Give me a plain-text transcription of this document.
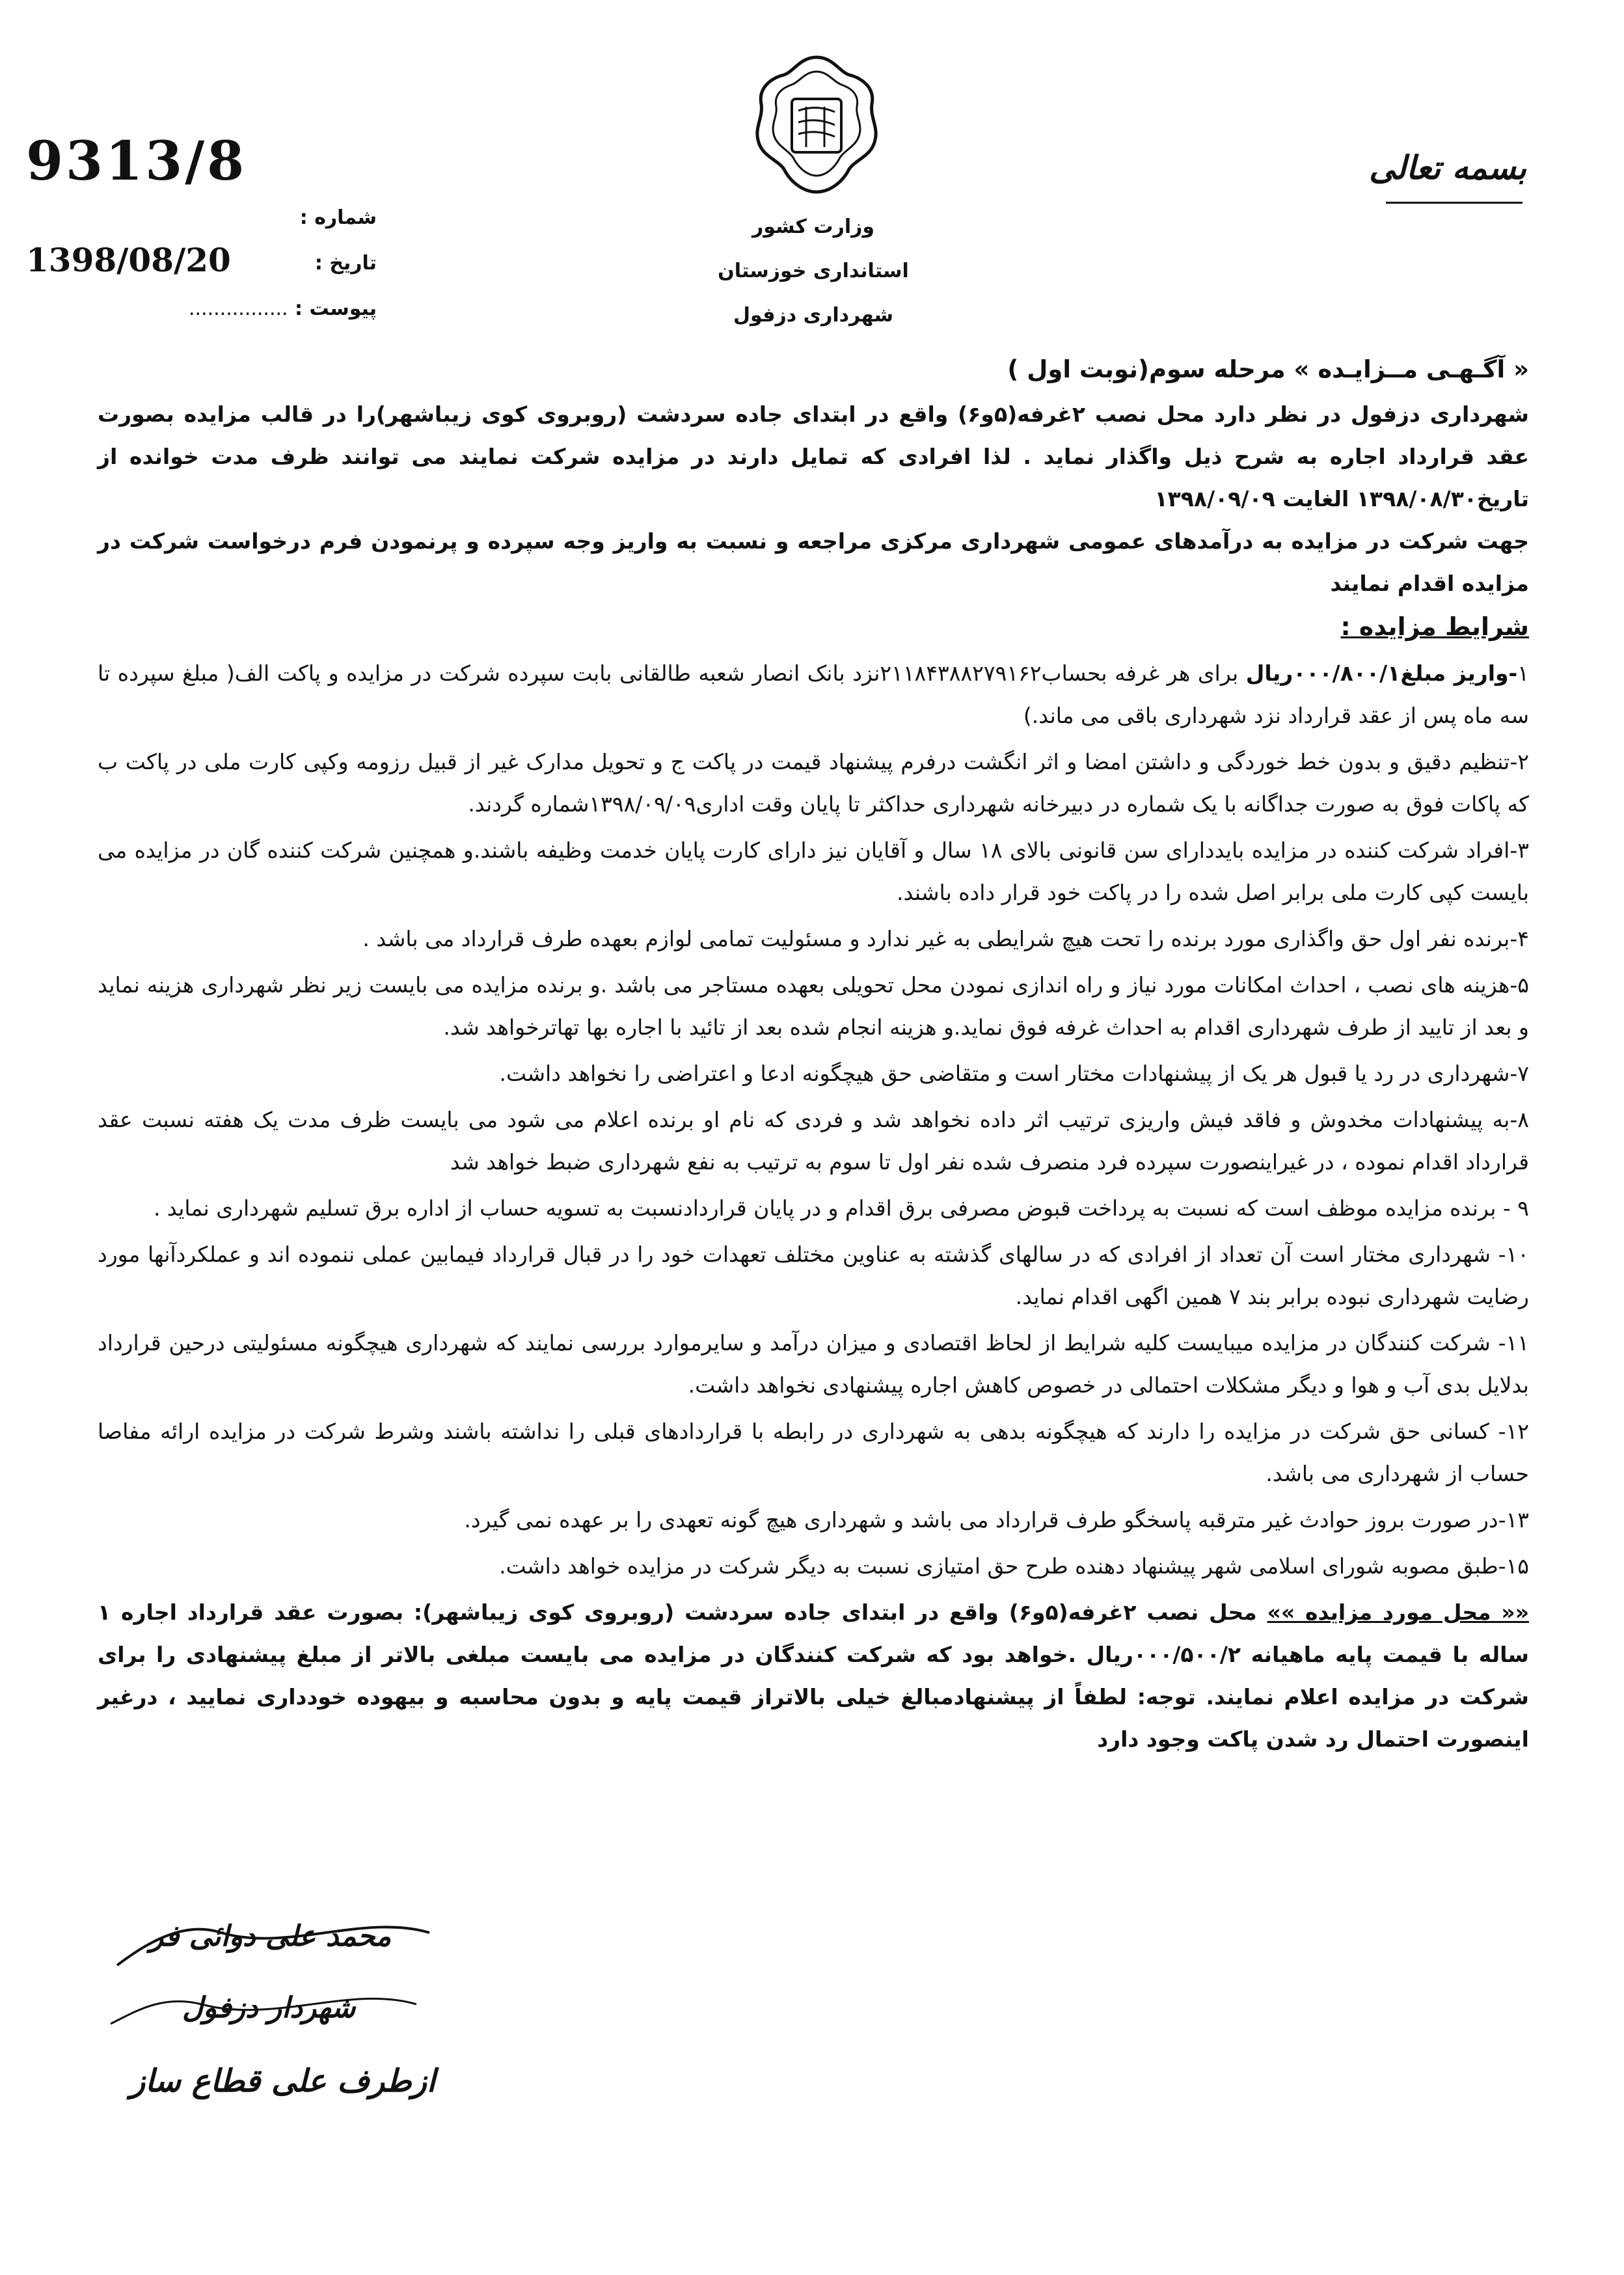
وزارت کشور
استانداری خوزستان
شهرداری دزفول
بسمه تعالی
شماره :
تاریخ :
پیوست : ................
9313/8
1398/08/20
« آگـهـی مــزایـده » مرحله سوم(نوبت اول )

شهرداری دزفول در نظر دارد محل نصب ۲غرفه(۵و۶) واقع در ابتدای جاده سردشت (روبروی کوی زیباشهر)را در قالب مزایده بصورت عقد قرارداد اجاره به شرح ذیل واگذار نماید . لذا افرادی که تمایل دارند در مزایده شرکت نمایند می توانند ظرف مدت خوانده از تاریخ۱۳۹۸/۰۸/۳۰ الغایت ۱۳۹۸/۰۹/۰۹

جهت شرکت در مزایده به درآمدهای عمومی شهرداری مرکزی مراجعه و نسبت به واریز وجه سپرده و پرنمودن فرم درخواست شرکت در مزایده اقدام نمایند

شرایط مزایده :

۱-واریز مبلغ۰۰۰/۸۰۰/۱ریال برای هر غرفه بحساب۲۱۱۸۴۳۸۸۲۷۹۱۶۲نزد بانک انصار شعبه طالقانی بابت سپرده شرکت در مزایده و پاکت الف( مبلغ سپرده تا سه ماه پس از عقد قرارداد نزد شهرداری باقی می ماند.)

۲-تنظیم دقیق و بدون خط خوردگی و داشتن امضا و اثر انگشت درفرم پیشنهاد قیمت در پاکت ج و تحویل مدارک غیر از قبیل رزومه وکپی کارت ملی در پاکت ب که پاکات فوق به صورت جداگانه با یک شماره در دبیرخانه شهرداری حداکثر تا پایان وقت اداری۱۳۹۸/۰۹/۰۹شماره گردند.

۳-افراد شرکت کننده در مزایده بایددارای سن قانونی بالای ۱۸ سال و آقایان نیز دارای کارت پایان خدمت وظیفه باشند.و همچنین شرکت کننده گان در مزایده می بایست کپی کارت ملی برابر اصل شده را در پاکت خود قرار داده باشند.

۴-برنده نفر اول حق واگذاری مورد برنده را تحت هیچ شرایطی به غیر ندارد و مسئولیت تمامی لوازم بعهده طرف قرارداد می باشد .

۵-هزینه های نصب ، احداث امکانات مورد نیاز و راه اندازی نمودن محل تحویلی بعهده مستاجر می باشد .و برنده مزایده می بایست زیر نظر شهرداری هزینه نماید و بعد از تایید از طرف شهرداری اقدام به احداث غرفه فوق نماید.و هزینه انجام شده بعد از تائید با اجاره بها تهاترخواهد شد.

۷-شهرداری در رد یا قبول هر یک از پیشنهادات مختار است و متقاضی حق هیچگونه ادعا و اعتراضی را نخواهد داشت.

۸-به پیشنهادات مخدوش و فاقد فیش واریزی ترتیب اثر داده نخواهد شد و فردی که نام او برنده اعلام می شود می بایست ظرف مدت یک هفته نسبت عقد قرارداد اقدام نموده ، در غیراینصورت سپرده فرد منصرف شده نفر اول تا سوم به ترتیب به نفع شهرداری ضبط خواهد شد

۹ - برنده مزایده موظف است که نسبت به پرداخت قبوض مصرفی برق اقدام و در پایان قراردادنسبت به تسویه حساب از اداره برق تسلیم شهرداری نماید .

۱۰- شهرداری مختار است آن تعداد از افرادی که در سالهای گذشته به عناوین مختلف تعهدات خود را در قبال قرارداد فیمابین عملی ننموده اند و عملکردآنها مورد رضایت شهرداری نبوده برابر بند ۷ همین اگهی اقدام نماید.

۱۱- شرکت کنندگان در مزایده میبایست کلیه شرایط از لحاظ اقتصادی و میزان درآمد و سایرموارد بررسی نمایند که شهرداری هیچگونه مسئولیتی درحین قرارداد بدلایل بدی آب و هوا و دیگر مشکلات احتمالی در خصوص کاهش اجاره پیشنهادی نخواهد داشت.

۱۲- کسانی حق شرکت در مزایده را دارند که هیچگونه بدهی به شهرداری در رابطه با قراردادهای قبلی را نداشته باشند وشرط شرکت در مزایده ارائه مفاصا حساب از شهرداری می باشد.

۱۳-در صورت بروز حوادث غیر مترقبه پاسخگو طرف قرارداد می باشد و شهرداری هیچ گونه تعهدی را بر عهده نمی گیرد.

۱۵-طبق مصوبه شورای اسلامی شهر پیشنهاد دهنده طرح حق امتیازی نسبت به دیگر شرکت در مزایده خواهد داشت.

«« محل مورد مزایده »» محل نصب ۲غرفه(۵و۶) واقع در ابتدای جاده سردشت (روبروی کوی زیباشهر): بصورت عقد قرارداد اجاره ۱ ساله با قیمت پایه ماهیانه ۰۰۰/۵۰۰/۲ریال .خواهد بود که شرکت کنندگان در مزایده می بایست مبلغی بالاتر از مبلغ پیشنهادی را برای شرکت در مزایده اعلام نمایند. توجه: لطفاً از پیشنهادمبالغ خیلی بالاتراز قیمت پایه و بدون محاسبه و بیهوده خودداری نمایید ، درغیر اینصورت احتمال رد شدن پاکت وجود دارد

محمد علی دوائی فر
شهردار دزفول
ازطرف علی قطاع ساز
